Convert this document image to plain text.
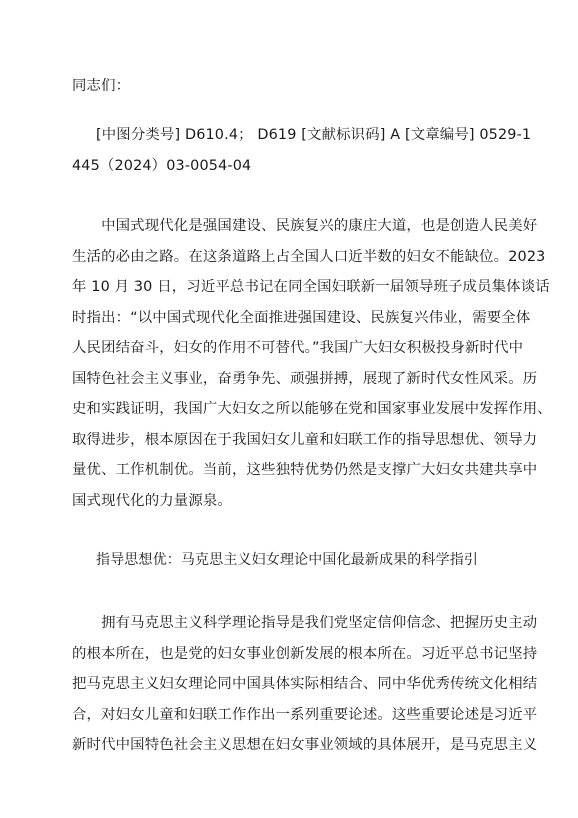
同志们：
[中图分类号] D610.4； D619 [文献标识码] A [文章编号] 0529-1
445（2024）03-0054-04
　　中国式现代化是强国建设、民族复兴的康庄大道，也是创造人民美好
生活的必由之路。在这条道路上占全国人口近半数的妇女不能缺位。2023
年 10 月 30 日，习近平总书记在同全国妇联新一届领导班子成员集体谈话
时指出：“以中国式现代化全面推进强国建设、民族复兴伟业，需要全体
人民团结奋斗，妇女的作用不可替代。”我国广大妇女积极投身新时代中
国特色社会主义事业，奋勇争先、顽强拼搏，展现了新时代女性风采。历
史和实践证明，我国广大妇女之所以能够在党和国家事业发展中发挥作用、
取得进步，根本原因在于我国妇女儿童和妇联工作的指导思想优、领导力
量优、工作机制优。当前，这些独特优势仍然是支撑广大妇女共建共享中
国式现代化的力量源泉。
指导思想优：马克思主义妇女理论中国化最新成果的科学指引
　　拥有马克思主义科学理论指导是我们党坚定信仰信念、把握历史主动
的根本所在，也是党的妇女事业创新发展的根本所在。习近平总书记坚持
把马克思主义妇女理论同中国具体实际相结合、同中华优秀传统文化相结
合，对妇女儿童和妇联工作作出一系列重要论述。这些重要论述是习近平
新时代中国特色社会主义思想在妇女事业领域的具体展开，是马克思主义
